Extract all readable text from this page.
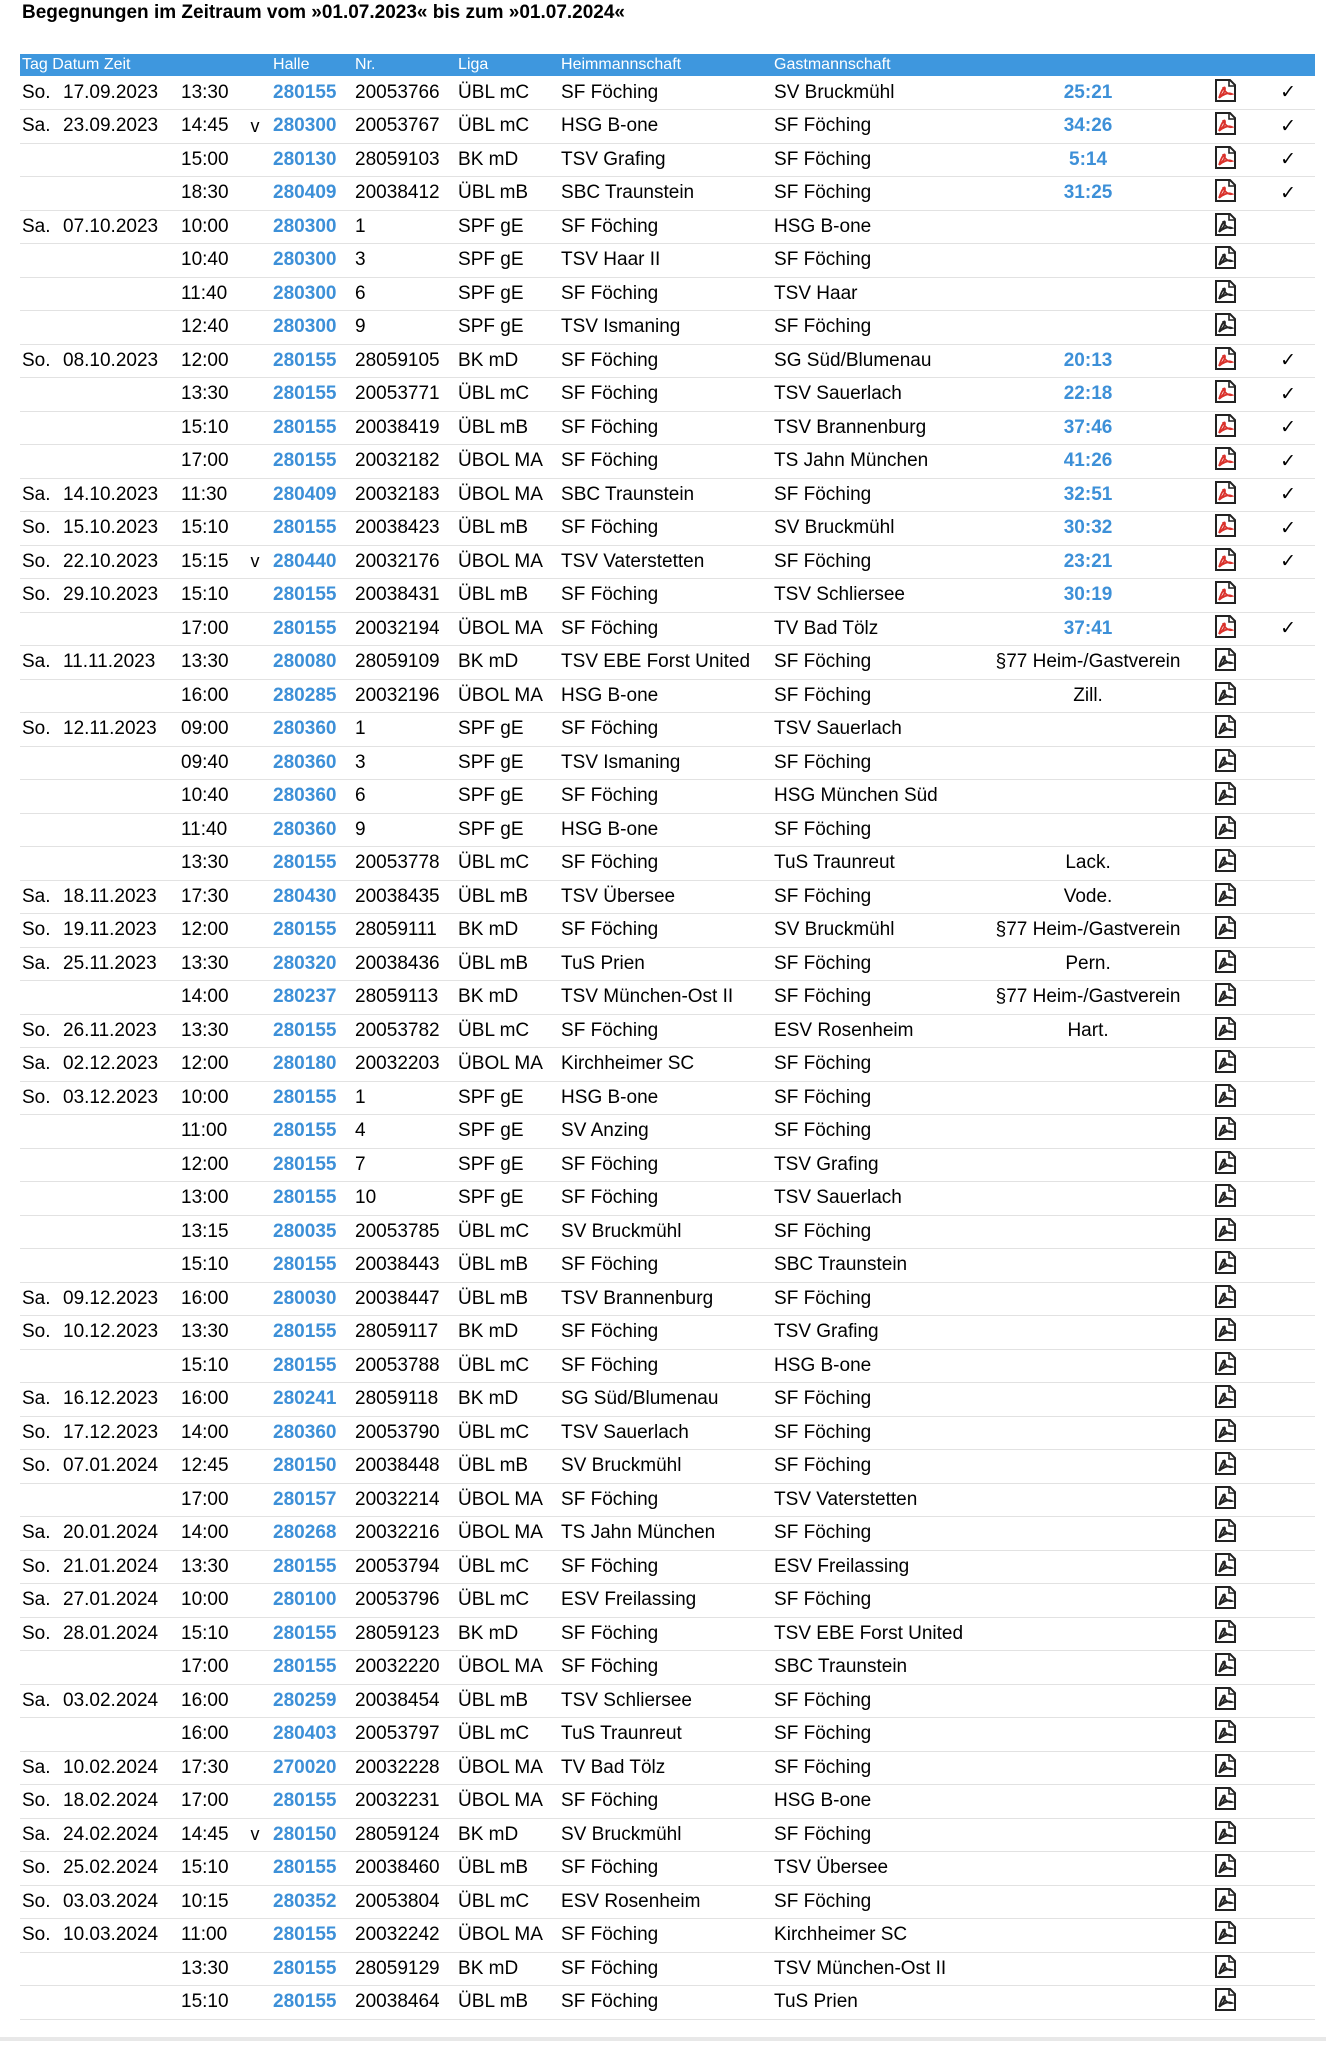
Begegnungen im Zeitraum vom »01.07.2023« bis zum »01.07.2024«
Tag Datum Zeit				Halle	Nr.	Liga	Heimmannschaft	Gastmannschaft			
So.	17.09.2023	13:30		280155	20053766	ÜBL mC	SF Föching	SV Bruckmühl	25:21		✓
Sa.	23.09.2023	14:45	v	280300	20053767	ÜBL mC	HSG B-one	SF Föching	34:26		✓
		15:00		280130	28059103	BK mD	TSV Grafing	SF Föching	5:14		✓
		18:30		280409	20038412	ÜBL mB	SBC Traunstein	SF Föching	31:25		✓
Sa.	07.10.2023	10:00		280300	1	SPF gE	SF Föching	HSG B-one			
		10:40		280300	3	SPF gE	TSV Haar II	SF Föching			
		11:40		280300	6	SPF gE	SF Föching	TSV Haar			
		12:40		280300	9	SPF gE	TSV Ismaning	SF Föching			
So.	08.10.2023	12:00		280155	28059105	BK mD	SF Föching	SG Süd/Blumenau	20:13		✓
		13:30		280155	20053771	ÜBL mC	SF Föching	TSV Sauerlach	22:18		✓
		15:10		280155	20038419	ÜBL mB	SF Föching	TSV Brannenburg	37:46		✓
		17:00		280155	20032182	ÜBOL MA	SF Föching	TS Jahn München	41:26		✓
Sa.	14.10.2023	11:30		280409	20032183	ÜBOL MA	SBC Traunstein	SF Föching	32:51		✓
So.	15.10.2023	15:10		280155	20038423	ÜBL mB	SF Föching	SV Bruckmühl	30:32		✓
So.	22.10.2023	15:15	v	280440	20032176	ÜBOL MA	TSV Vaterstetten	SF Föching	23:21		✓
So.	29.10.2023	15:10		280155	20038431	ÜBL mB	SF Föching	TSV Schliersee	30:19		
		17:00		280155	20032194	ÜBOL MA	SF Föching	TV Bad Tölz	37:41		✓
Sa.	11.11.2023	13:30		280080	28059109	BK mD	TSV EBE Forst United	SF Föching	§77 Heim-/Gastverein		
		16:00		280285	20032196	ÜBOL MA	HSG B-one	SF Föching	Zill.		
So.	12.11.2023	09:00		280360	1	SPF gE	SF Föching	TSV Sauerlach			
		09:40		280360	3	SPF gE	TSV Ismaning	SF Föching			
		10:40		280360	6	SPF gE	SF Föching	HSG München Süd			
		11:40		280360	9	SPF gE	HSG B-one	SF Föching			
		13:30		280155	20053778	ÜBL mC	SF Föching	TuS Traunreut	Lack.		
Sa.	18.11.2023	17:30		280430	20038435	ÜBL mB	TSV Übersee	SF Föching	Vode.		
So.	19.11.2023	12:00		280155	28059111	BK mD	SF Föching	SV Bruckmühl	§77 Heim-/Gastverein		
Sa.	25.11.2023	13:30		280320	20038436	ÜBL mB	TuS Prien	SF Föching	Pern.		
		14:00		280237	28059113	BK mD	TSV München-Ost II	SF Föching	§77 Heim-/Gastverein		
So.	26.11.2023	13:30		280155	20053782	ÜBL mC	SF Föching	ESV Rosenheim	Hart.		
Sa.	02.12.2023	12:00		280180	20032203	ÜBOL MA	Kirchheimer SC	SF Föching			
So.	03.12.2023	10:00		280155	1	SPF gE	HSG B-one	SF Föching			
		11:00		280155	4	SPF gE	SV Anzing	SF Föching			
		12:00		280155	7	SPF gE	SF Föching	TSV Grafing			
		13:00		280155	10	SPF gE	SF Föching	TSV Sauerlach			
		13:15		280035	20053785	ÜBL mC	SV Bruckmühl	SF Föching			
		15:10		280155	20038443	ÜBL mB	SF Föching	SBC Traunstein			
Sa.	09.12.2023	16:00		280030	20038447	ÜBL mB	TSV Brannenburg	SF Föching			
So.	10.12.2023	13:30		280155	28059117	BK mD	SF Föching	TSV Grafing			
		15:10		280155	20053788	ÜBL mC	SF Föching	HSG B-one			
Sa.	16.12.2023	16:00		280241	28059118	BK mD	SG Süd/Blumenau	SF Föching			
So.	17.12.2023	14:00		280360	20053790	ÜBL mC	TSV Sauerlach	SF Föching			
So.	07.01.2024	12:45		280150	20038448	ÜBL mB	SV Bruckmühl	SF Föching			
		17:00		280157	20032214	ÜBOL MA	SF Föching	TSV Vaterstetten			
Sa.	20.01.2024	14:00		280268	20032216	ÜBOL MA	TS Jahn München	SF Föching			
So.	21.01.2024	13:30		280155	20053794	ÜBL mC	SF Föching	ESV Freilassing			
Sa.	27.01.2024	10:00		280100	20053796	ÜBL mC	ESV Freilassing	SF Föching			
So.	28.01.2024	15:10		280155	28059123	BK mD	SF Föching	TSV EBE Forst United			
		17:00		280155	20032220	ÜBOL MA	SF Föching	SBC Traunstein			
Sa.	03.02.2024	16:00		280259	20038454	ÜBL mB	TSV Schliersee	SF Föching			
		16:00		280403	20053797	ÜBL mC	TuS Traunreut	SF Föching			
Sa.	10.02.2024	17:30		270020	20032228	ÜBOL MA	TV Bad Tölz	SF Föching			
So.	18.02.2024	17:00		280155	20032231	ÜBOL MA	SF Föching	HSG B-one			
Sa.	24.02.2024	14:45	v	280150	28059124	BK mD	SV Bruckmühl	SF Föching			
So.	25.02.2024	15:10		280155	20038460	ÜBL mB	SF Föching	TSV Übersee			
So.	03.03.2024	10:15		280352	20053804	ÜBL mC	ESV Rosenheim	SF Föching			
So.	10.03.2024	11:00		280155	20032242	ÜBOL MA	SF Föching	Kirchheimer SC			
		13:30		280155	28059129	BK mD	SF Föching	TSV München-Ost II			
		15:10		280155	20038464	ÜBL mB	SF Föching	TuS Prien			
